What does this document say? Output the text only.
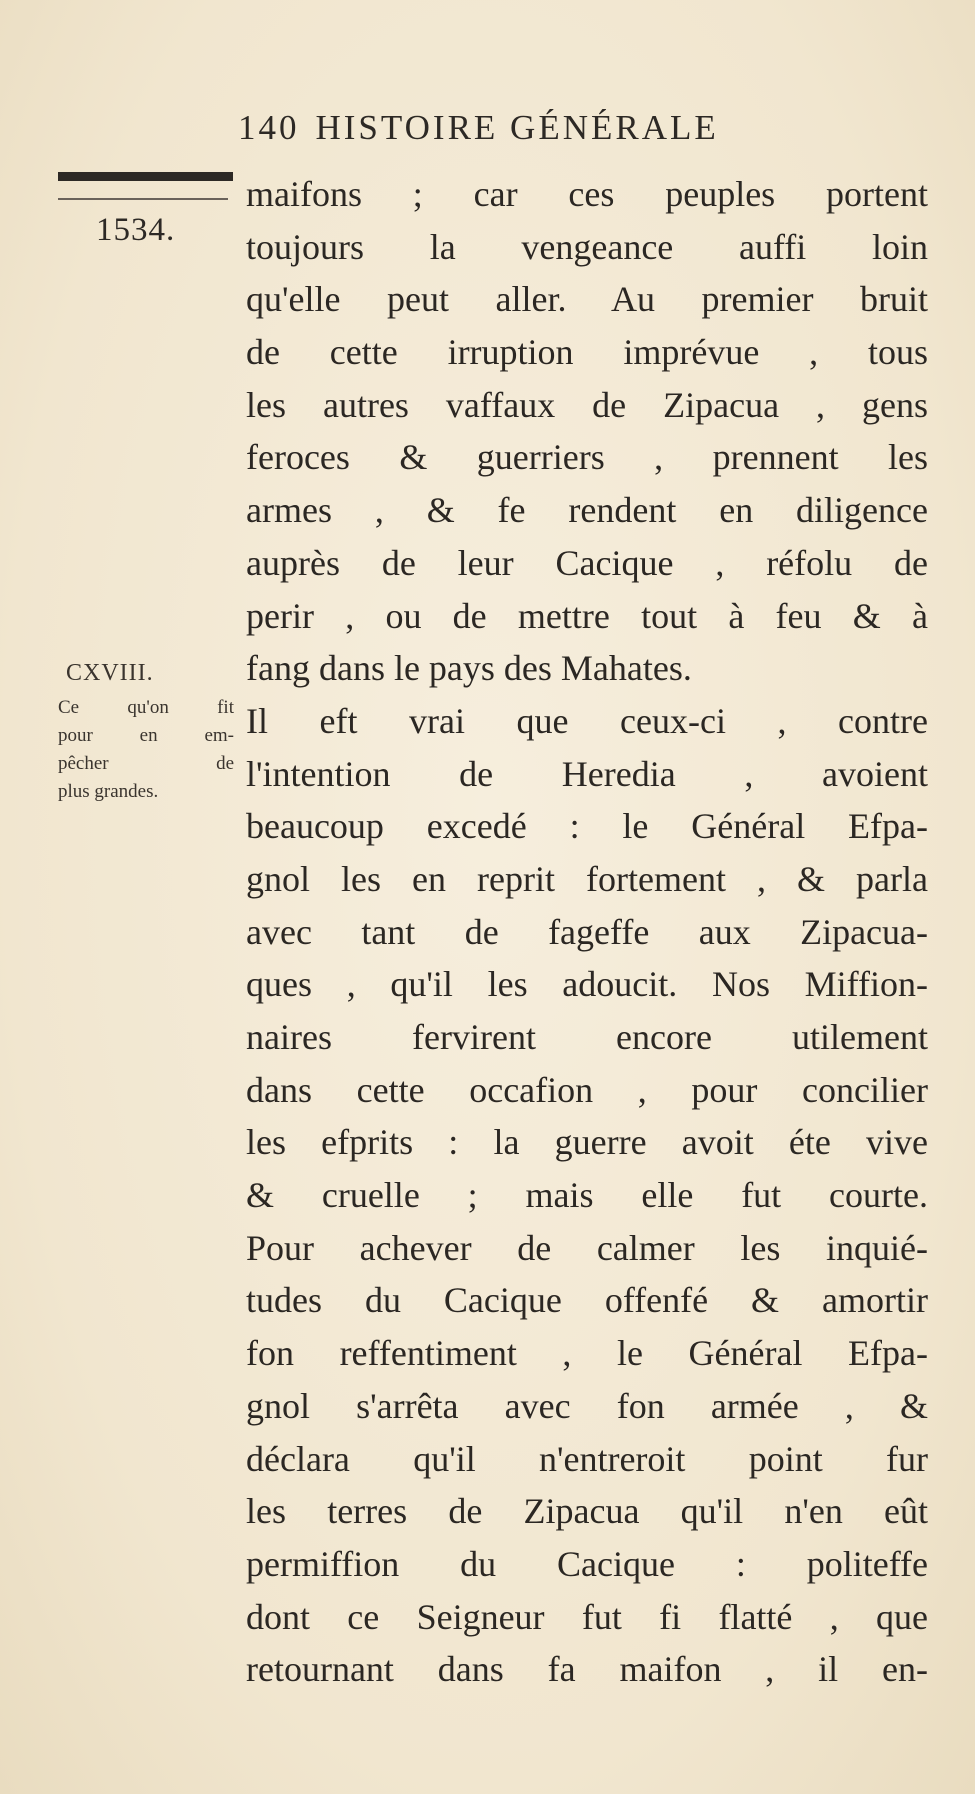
140 HISTOIRE GÉNÉRALE
1534.
CXVIII.
Ce qu'on fit
pour en em-
pêcher de
plus grandes.
maifons ; car ces peuples portent
toujours la vengeance auffi loin
qu'elle peut aller. Au premier bruit
de cette irruption imprévue , tous
les autres vaffaux de Zipacua , gens
feroces & guerriers , prennent les
armes , & fe rendent en diligence
auprès de leur Cacique , réfolu de
perir , ou de mettre tout à feu & à
fang dans le pays des Mahates.
Il eft vrai que ceux-ci , contre
l'intention de Heredia , avoient
beaucoup excedé : le Général Efpa-
gnol les en reprit fortement , & parla
avec tant de fageffe aux Zipacua-
ques , qu'il les adoucit. Nos Miffion-
naires fervirent encore utilement
dans cette occafion , pour concilier
les efprits : la guerre avoit éte vive
& cruelle ; mais elle fut courte.
Pour achever de calmer les inquié-
tudes du Cacique offenfé & amortir
fon reffentiment , le Général Efpa-
gnol s'arrêta avec fon armée , &
déclara qu'il n'entreroit point fur
les terres de Zipacua qu'il n'en eût
permiffion du Cacique : politeffe
dont ce Seigneur fut fi flatté , que
retournant dans fa maifon , il en-
